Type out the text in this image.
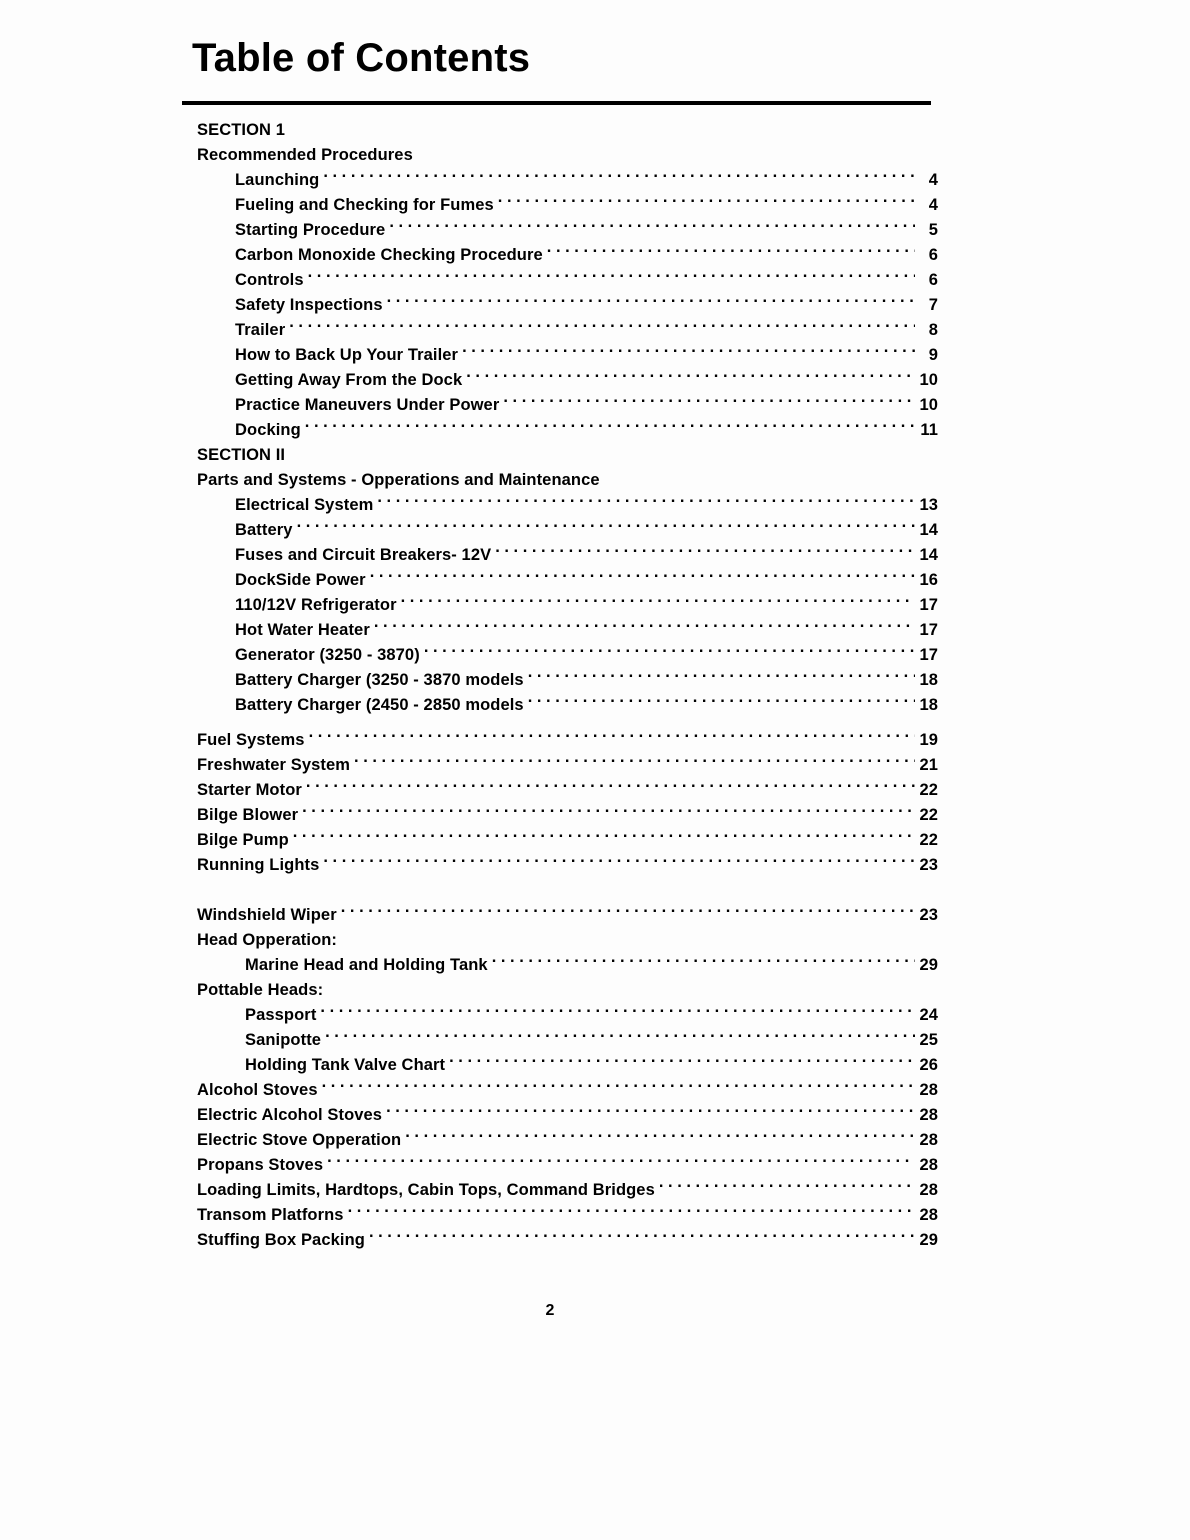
Table of Contents
SECTION 1
Recommended Procedures
Launching . . .	4
Fueling and Checking for Fumes . . .	4
Starting Procedure . . .	5
Carbon Monoxide Checking Procedure . . .	6
Controls . . .	6
Safety Inspections . . .	7
Trailer . . .	8
How to Back Up Your Trailer . . .	9
Getting Away From the Dock . . .	10
Practice Maneuvers Under Power . . .	10
Docking . . .	11
SECTION II
Parts and Systems - Opperations and Maintenance
Electrical System . . .	13
Battery . . .	14
Fuses and Circuit Breakers- 12V . . .	14
DockSide Power . . .	16
110/12V Refrigerator . . .	17
Hot Water Heater . . .	17
Generator (3250 - 3870) . . .	17
Battery Charger (3250 - 3870 models . . .	18
Battery Charger (2450 - 2850 models . . .	18
Fuel Systems . . .	19
Freshwater System . . .	21
Starter Motor . . .	22
Bilge Blower . . .	22
Bilge Pump . . .	22
Running Lights . . .	23
Windshield Wiper . . .	23
Head Opperation:
Marine Head and Holding Tank . . .	29
Pottable Heads:
Passport . . .	24
Sanipotte . . .	25
Holding Tank Valve Chart . . .	26
Alcohol Stoves . . .	28
Electric Alcohol Stoves . . .	28
Electric Stove Opperation . . .	28
Propans Stoves . . .	28
Loading Limits, Hardtops, Cabin Tops, Command Bridges . . .	28
Transom Platforns . . .	28
Stuffing Box Packing . . .	29
2
